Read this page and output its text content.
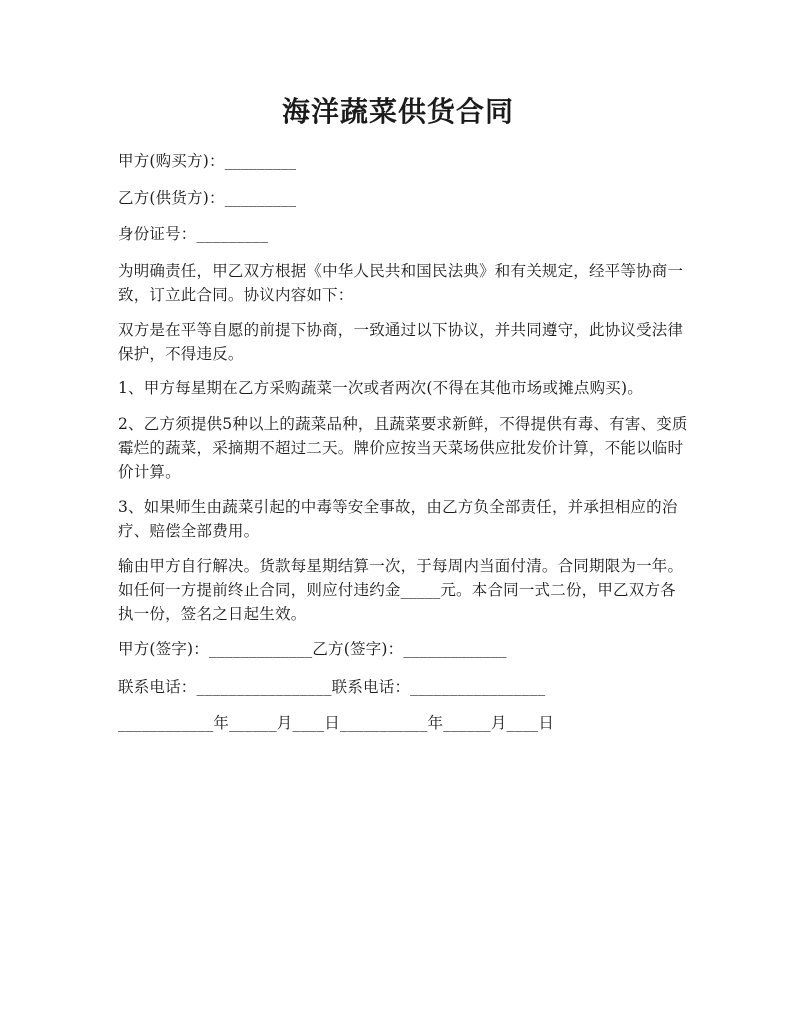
海洋蔬菜供货合同

甲方(购买方)：_________

乙方(供货方)：_________

身份证号：_________

为明确责任，甲乙双方根据《中华人民共和国民法典》和有关规定，经平等协商一致，订立此合同。协议内容如下：

双方是在平等自愿的前提下协商，一致通过以下协议，并共同遵守，此协议受法律保护，不得违反。

1、甲方每星期在乙方采购蔬菜一次或者两次(不得在其他市场或摊点购买)。

2、乙方须提供5种以上的蔬菜品种，且蔬菜要求新鲜，不得提供有毒、有害、变质霉烂的蔬菜，采摘期不超过二天。牌价应按当天菜场供应批发价计算，不能以临时价计算。

3、如果师生由蔬菜引起的中毒等安全事故，由乙方负全部责任，并承担相应的治疗、赔偿全部费用。

输由甲方自行解决。货款每星期结算一次，于每周内当面付清。合同期限为一年。如任何一方提前终止合同，则应付违约金_____元。本合同一式二份，甲乙双方各执一份，签名之日起生效。

甲方(签字)：_____________乙方(签字)：_____________

联系电话：_________________联系电话：_________________

____________年______月____日___________年______月____日
